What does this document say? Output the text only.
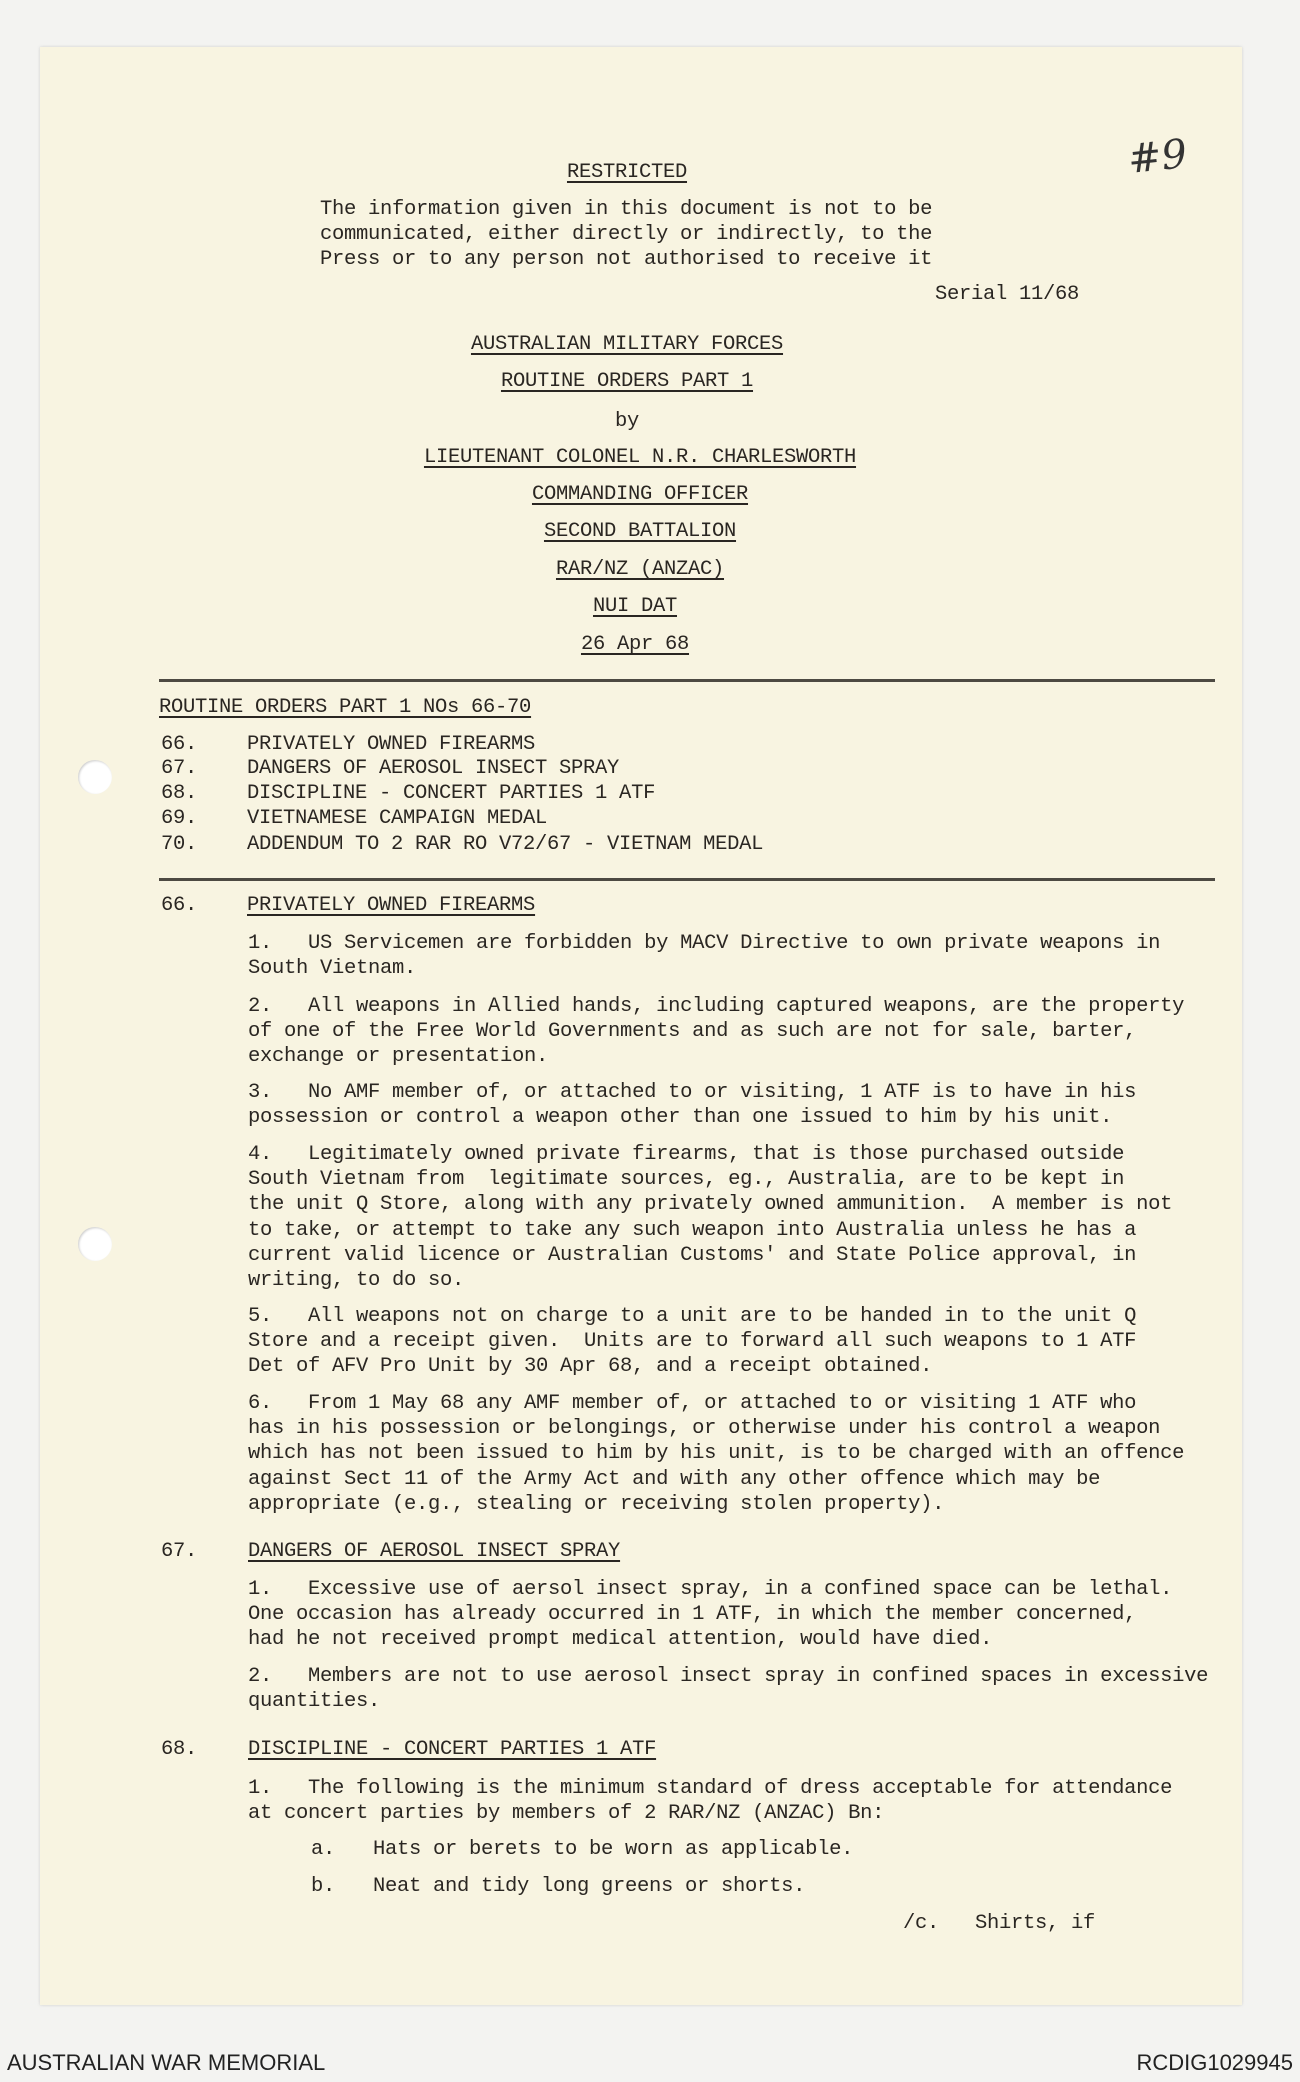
#9
RESTRICTED
The information given in this document is not to be
communicated, either directly or indirectly, to the
Press or to any person not authorised to receive it
Serial 11/68
AUSTRALIAN MILITARY FORCES
ROUTINE ORDERS PART 1
by
LIEUTENANT COLONEL N.R. CHARLESWORTH
COMMANDING OFFICER
SECOND BATTALION
RAR/NZ (ANZAC)
NUI DAT
26 Apr 68
ROUTINE ORDERS PART 1 NOs 66-70
66. PRIVATELY OWNED FIREARMS
67. DANGERS OF AEROSOL INSECT SPRAY
68. DISCIPLINE - CONCERT PARTIES 1 ATF
69. VIETNAMESE CAMPAIGN MEDAL
70. ADDENDUM TO 2 RAR RO V72/67 - VIETNAM MEDAL
66. PRIVATELY OWNED FIREARMS
1.   US Servicemen are forbidden by MACV Directive to own private weapons in
South Vietnam.
2.   All weapons in Allied hands, including captured weapons, are the property
of one of the Free World Governments and as such are not for sale, barter,
exchange or presentation.
3.   No AMF member of, or attached to or visiting, 1 ATF is to have in his
possession or control a weapon other than one issued to him by his unit.
4.   Legitimately owned private firearms, that is those purchased outside
South Vietnam from  legitimate sources, eg., Australia, are to be kept in
the unit Q Store, along with any privately owned ammunition.  A member is not
to take, or attempt to take any such weapon into Australia unless he has a
current valid licence or Australian Customs' and State Police approval, in
writing, to do so.
5.   All weapons not on charge to a unit are to be handed in to the unit Q
Store and a receipt given.  Units are to forward all such weapons to 1 ATF
Det of AFV Pro Unit by 30 Apr 68, and a receipt obtained.
6.   From 1 May 68 any AMF member of, or attached to or visiting 1 ATF who
has in his possession or belongings, or otherwise under his control a weapon
which has not been issued to him by his unit, is to be charged with an offence
against Sect 11 of the Army Act and with any other offence which may be
appropriate (e.g., stealing or receiving stolen property).
67. DANGERS OF AEROSOL INSECT SPRAY
1.   Excessive use of aersol insect spray, in a confined space can be lethal.
One occasion has already occurred in 1 ATF, in which the member concerned,
had he not received prompt medical attention, would have died.
2.   Members are not to use aerosol insect spray in confined spaces in excessive
quantities.
68. DISCIPLINE - CONCERT PARTIES 1 ATF
1.   The following is the minimum standard of dress acceptable for attendance
at concert parties by members of 2 RAR/NZ (ANZAC) Bn:
a. Hats or berets to be worn as applicable.
b. Neat and tidy long greens or shorts.
/c.   Shirts, if
AUSTRALIAN WAR MEMORIAL	RCDIG1029945
